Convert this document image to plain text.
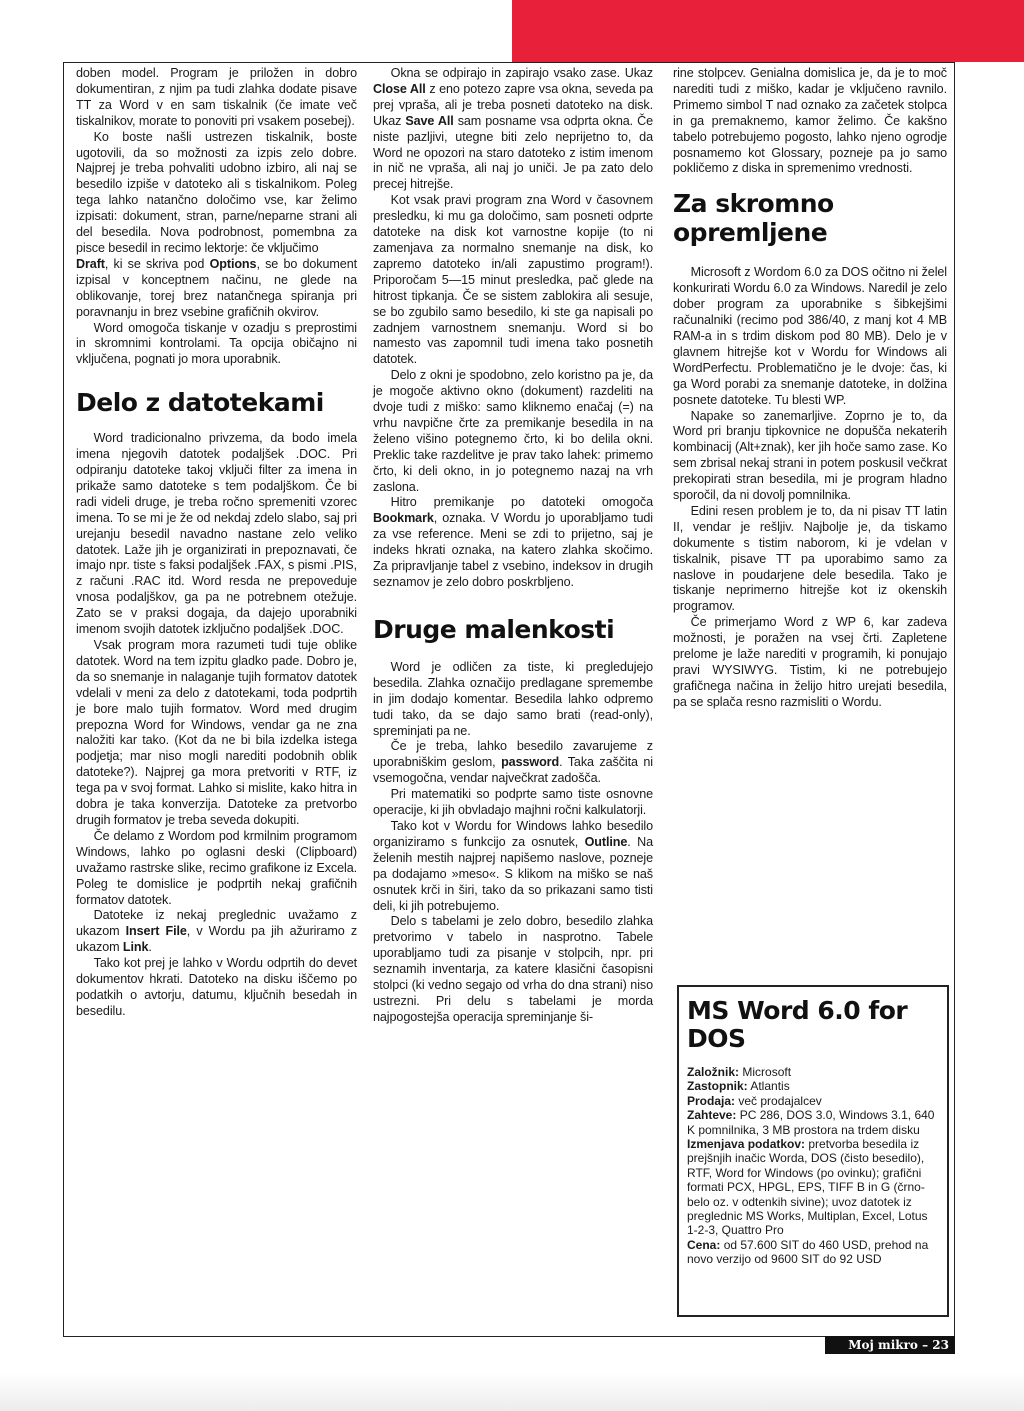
doben model. Program je priložen in dobro dokumentiran, z njim pa tudi zlahka dodate pisave TT za Word v en sam tiskalnik (če imate več tiskalnikov, morate to ponoviti pri vsakem posebej).

Ko boste našli ustrezen tiskalnik, boste ugotovili, da so možnosti za izpis zelo dobre. Najprej je treba pohvaliti udobno izbiro, ali naj se besedilo izpiše v datoteko ali s tiskalnikom. Poleg tega lahko natančno določimo vse, kar želimo izpisati: dokument, stran, parne/neparne strani ali del besedila. Nova podrobnost, pomembna za pisce besedil in recimo lektorje: če vključimo

Draft, ki se skriva pod Options, se bo dokument izpisal v konceptnem načinu, ne glede na oblikovanje, torej brez natančnega spiranja pri poravnanju in brez vsebine grafičnih okvirov.

Word omogoča tiskanje v ozadju s preprostimi in skromnimi kontrolami. Ta opcija običajno ni vključena, pognati jo mora uporabnik.

Delo z datotekami

Word tradicionalno privzema, da bodo imela imena njegovih datotek podaljšek .DOC. Pri odpiranju datoteke takoj vključi filter za imena in prikaže samo datoteke s tem podaljškom. Če bi radi videli druge, je treba ročno spremeniti vzorec imena. To se mi je že od nekdaj zdelo slabo, saj pri urejanju besedil navadno nastane zelo veliko datotek. Laže jih je organizirati in prepoznavati, če imajo npr. tiste s faksi podaljšek .FAX, s pismi .PIS, z računi .RAC itd. Word resda ne prepoveduje vnosa podaljškov, ga pa ne potrebnem otežuje. Zato se v praksi dogaja, da dajejo uporabniki imenom svojih datotek izključno podaljšek .DOC.

Vsak program mora razumeti tudi tuje oblike datotek. Word na tem izpitu gladko pade. Dobro je, da so snemanje in nalaganje tujih formatov datotek vdelali v meni za delo z datotekami, toda podprtih je bore malo tujih formatov. Word med drugim prepozna Word for Windows, vendar ga ne zna naložiti kar tako. (Kot da ne bi bila izdelka istega podjetja; mar niso mogli narediti podobnih oblik datoteke?). Najprej ga mora pretvoriti v RTF, iz tega pa v svoj format. Lahko si mislite, kako hitra in dobra je taka konverzija. Datoteke za pretvorbo drugih formatov je treba seveda dokupiti.

Če delamo z Wordom pod krmilnim programom Windows, lahko po oglasni deski (Clipboard) uvažamo rastrske slike, recimo grafikone iz Excela. Poleg te domislice je podprtih nekaj grafičnih formatov datotek.

Datoteke iz nekaj preglednic uvažamo z ukazom Insert File, v Wordu pa jih ažuriramo z ukazom Link.

Tako kot prej je lahko v Wordu odprtih do devet dokumentov hkrati. Datoteko na disku iščemo po podatkih o avtorju, datumu, ključnih besedah in besedilu.

Okna se odpirajo in zapirajo vsako zase. Ukaz Close All z eno potezo zapre vsa okna, seveda pa prej vpraša, ali je treba posneti datoteko na disk. Ukaz Save All sam posname vsa odprta okna. Če niste pazljivi, utegne biti zelo neprijetno to, da Word ne opozori na staro datoteko z istim imenom in nič ne vpraša, ali naj jo uniči. Je pa zato delo precej hitrejše.

Kot vsak pravi program zna Word v časovnem presledku, ki mu ga določimo, sam posneti odprte datoteke na disk kot varnostne kopije (to ni zamenjava za normalno snemanje na disk, ko zapremo datoteko in/ali zapustimo program!). Priporočam 5—15 minut presledka, pač glede na hitrost tipkanja. Če se sistem zablokira ali sesuje, se bo zgubilo samo besedilo, ki ste ga napisali po zadnjem varnostnem snemanju. Word si bo namesto vas zapomnil tudi imena tako posnetih datotek.

Delo z okni je spodobno, zelo koristno pa je, da je mogoče aktivno okno (dokument) razdeliti na dvoje tudi z miško: samo kliknemo enačaj (=) na vrhu navpične črte za premikanje besedila in na želeno višino potegnemo črto, ki bo delila okni. Preklic take razdelitve je prav tako lahek: primemo črto, ki deli okno, in jo potegnemo nazaj na vrh zaslona.

Hitro premikanje po datoteki omogoča Bookmark, oznaka. V Wordu jo uporabljamo tudi za vse reference. Meni se zdi to prijetno, saj je indeks hkrati oznaka, na katero zlahka skočimo. Za pripravljanje tabel z vsebino, indeksov in drugih seznamov je zelo dobro poskrbljeno.

Druge malenkosti

Word je odličen za tiste, ki pregledujejo besedila. Zlahka označijo predlagane spremembe in jim dodajo komentar. Besedila lahko odpremo tudi tako, da se dajo samo brati (read-only), spreminjati pa ne.

Če je treba, lahko besedilo zavarujeme z uporabniškim geslom, password. Taka zaščita ni vsemogočna, vendar največkrat zadošča.

Pri matematiki so podprte samo tiste osnovne operacije, ki jih obvladajo majhni ročni kalkulatorji.

Tako kot v Wordu for Windows lahko besedilo organiziramo s funkcijo za osnutek, Outline. Na želenih mestih najprej napišemo naslove, pozneje pa dodajamo »meso«. S klikom na miško se naš osnutek krči in širi, tako da so prikazani samo tisti deli, ki jih potrebujemo.

Delo s tabelami je zelo dobro, besedilo zlahka pretvorimo v tabelo in nasprotno. Tabele uporabljamo tudi za pisanje v stolpcih, npr. pri seznamih inventarja, za katere klasični časopisni stolpci (ki vedno segajo od vrha do dna strani) niso ustrezni. Pri delu s tabelami je morda najpogostejša operacija spreminjanje ši-

rine stolpcev. Genialna domislica je, da je to moč narediti tudi z miško, kadar je vključeno ravnilo. Primemo simbol T nad oznako za začetek stolpca in ga premaknemo, kamor želimo. Če kakšno tabelo potrebujemo pogosto, lahko njeno ogrodje posnamemo kot Glossary, pozneje pa jo samo pokličemo z diska in spremenimo vrednosti.

Za skromno opremljene

Microsoft z Wordom 6.0 za DOS očitno ni želel konkurirati Wordu 6.0 za Windows. Naredil je zelo dober program za uporabnike s šibkejšimi računalniki (recimo pod 386/40, z manj kot 4 MB RAM-a in s trdim diskom pod 80 MB). Delo je v glavnem hitrejše kot v Wordu for Windows ali WordPerfectu. Problematično je le dvoje: čas, ki ga Word porabi za snemanje datoteke, in dolžina posnete datoteke. Tu blesti WP.

Napake so zanemarljive. Zoprno je to, da Word pri branju tipkovnice ne dopušča nekaterih kombinacij (Alt+znak), ker jih hoče samo zase. Ko sem zbrisal nekaj strani in potem poskusil večkrat prekopirati stran besedila, mi je program hladno sporočil, da ni dovolj pomnilnika.

Edini resen problem je to, da ni pisav TT latin II, vendar je rešljiv. Najbolje je, da tiskamo dokumente s tistim naborom, ki je vdelan v tiskalnik, pisave TT pa uporabimo samo za naslove in poudarjene dele besedila. Tako je tiskanje neprimerno hitrejše kot iz okenskih programov.

Če primerjamo Word z WP 6, kar zadeva možnosti, je poražen na vsej črti. Zapletene prelome je laže narediti v programih, ki ponujajo pravi WYSIWYG. Tistim, ki ne potrebujejo grafičnega načina in želijo hitro urejati besedila, pa se splača resno razmisliti o Wordu.

MS Word 6.0 for DOS

Založnik: Microsoft

Zastopnik: Atlantis

Prodaja: več prodajalcev

Zahteve: PC 286, DOS 3.0, Windows 3.1, 640 K pomnilnika, 3 MB prostora na trdem disku

Izmenjava podatkov: pretvorba besedila iz prejšnjih inačic Worda, DOS (čisto besedilo), RTF, Word for Windows (po ovinku); grafični formati PCX, HPGL, EPS, TIFF B in G (črno-belo oz. v odtenkih sivine); uvoz datotek iz preglednic MS Works, Multiplan, Excel, Lotus 1-2-3, Quattro Pro

Cena: od 57.600 SIT do 460 USD, prehod na novo verzijo od 9600 SIT do 92 USD

Moj mikro – 23
